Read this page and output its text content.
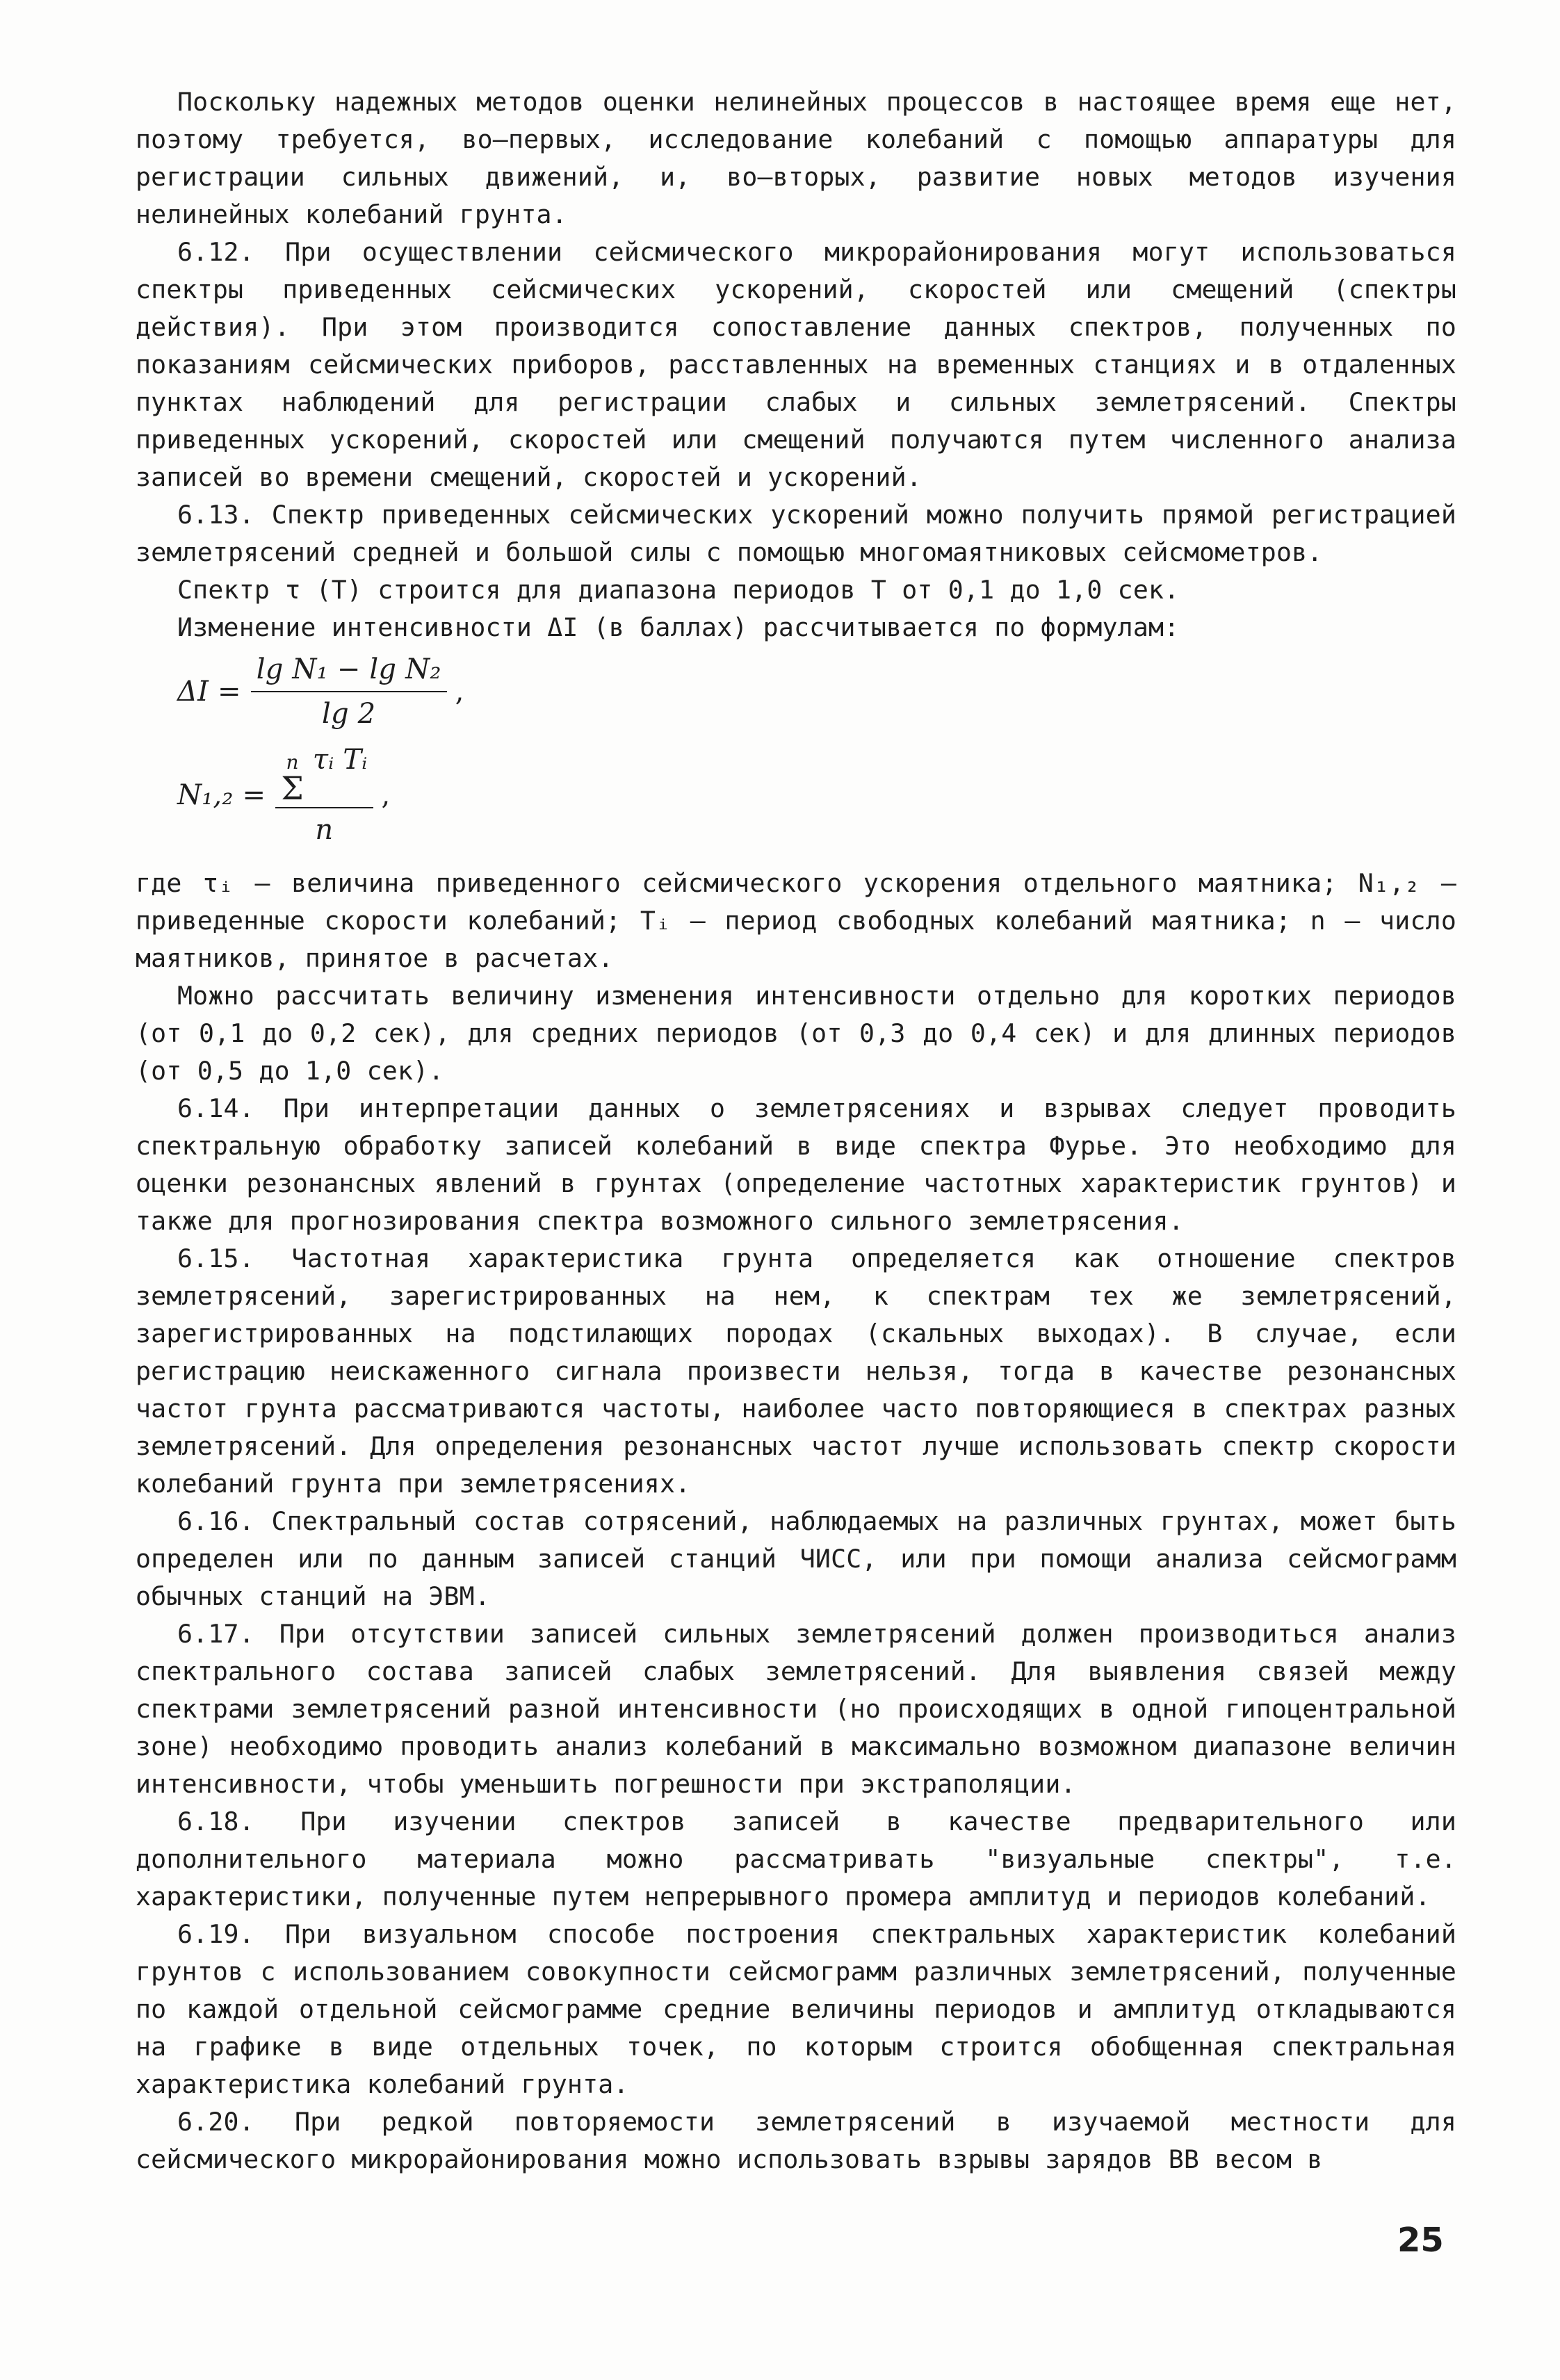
Поскольку надежных методов оценки нелинейных процессов в настоящее время еще нет, поэтому требуется, во–первых, исследование колебаний с помощью аппаратуры для регистрации сильных движений, и, во–вторых, развитие новых методов изучения нелинейных колебаний грунта.

6.12. При осуществлении сейсмического микрорайонирования могут использоваться спектры приведенных сейсмических ускорений, скоростей или смещений (спектры действия). При этом производится сопоставление данных спектров, полученных по показаниям сейсмических приборов, расставленных на временных станциях и в отдаленных пунктах наблюдений для регистрации слабых и сильных землетрясений. Спектры приведенных ускорений, скоростей или смещений получаются путем численного анализа записей во времени смещений, скоростей и ускорений.

6.13. Спектр приведенных сейсмических ускорений можно получить прямой регистрацией землетрясений средней и большой силы с помощью многомаятниковых сейсмометров.

Спектр τ (T) строится для диапазона периодов T от 0,1 до 1,0 сек.

Изменение интенсивности ΔI (в баллах) рассчитывается по формулам:

$\Delta I = \frac{\text{lg N₁ − lg N₂}}{\lg 2}$ ,
N₁,₂ = n
Σ
τᵢ Tᵢ
n ,

где τᵢ – величина приведенного сейсмического ускорения отдельного маятника; N₁,₂ – приведенные скорости колебаний; Tᵢ – период свободных колебаний маятника; n – число маятников, принятое в расчетах.

Можно рассчитать величину изменения интенсивности отдельно для коротких периодов (от 0,1 до 0,2 сек), для средних периодов (от 0,3 до 0,4 сек) и для длинных периодов (от 0,5 до 1,0 сек).

6.14. При интерпретации данных о землетрясениях и взрывах следует проводить спектральную обработку записей колебаний в виде спектра Фурье. Это необходимо для оценки резонансных явлений в грунтах (определение частотных характеристик грунтов) и также для прогнозирования спектра возможного сильного землетрясения.

6.15. Частотная характеристика грунта определяется как отношение спектров землетрясений, зарегистрированных на нем, к спектрам тех же землетрясений, зарегистрированных на подстилающих породах (скальных выходах). В случае, если регистрацию неискаженного сигнала произвести нельзя, тогда в качестве резонансных частот грунта рассматриваются частоты, наиболее часто повторяющиеся в спектрах разных землетрясений. Для определения резонансных частот лучше использовать спектр скорости колебаний грунта при землетрясениях.

6.16. Спектральный состав сотрясений, наблюдаемых на различных грунтах, может быть определен или по данным записей станций ЧИСС, или при помощи анализа сейсмограмм обычных станций на ЭВМ.

6.17. При отсутствии записей сильных землетрясений должен производиться анализ спектрального состава записей слабых землетрясений. Для выявления связей между спектрами землетрясений разной интенсивности (но происходящих в одной гипоцентральной зоне) необходимо проводить анализ колебаний в максимально возможном диапазоне величин интенсивности, чтобы уменьшить погрешности при экстраполяции.

6.18. При изучении спектров записей в качестве предварительного или дополнительного материала можно рассматривать "визуальные спектры", т.е. характеристики, полученные путем непрерывного промера амплитуд и периодов колебаний.

6.19. При визуальном способе построения спектральных характеристик колебаний грунтов с использованием совокупности сейсмограмм различных землетрясений, полученные по каждой отдельной сейсмограмме средние величины периодов и амплитуд откладываются на графике в виде отдельных точек, по которым строится обобщенная спектральная характеристика колебаний грунта.

6.20. При редкой повторяемости землетрясений в изучаемой местности для сейсмического микрорайонирования можно использовать взрывы зарядов ВВ весом в

25
